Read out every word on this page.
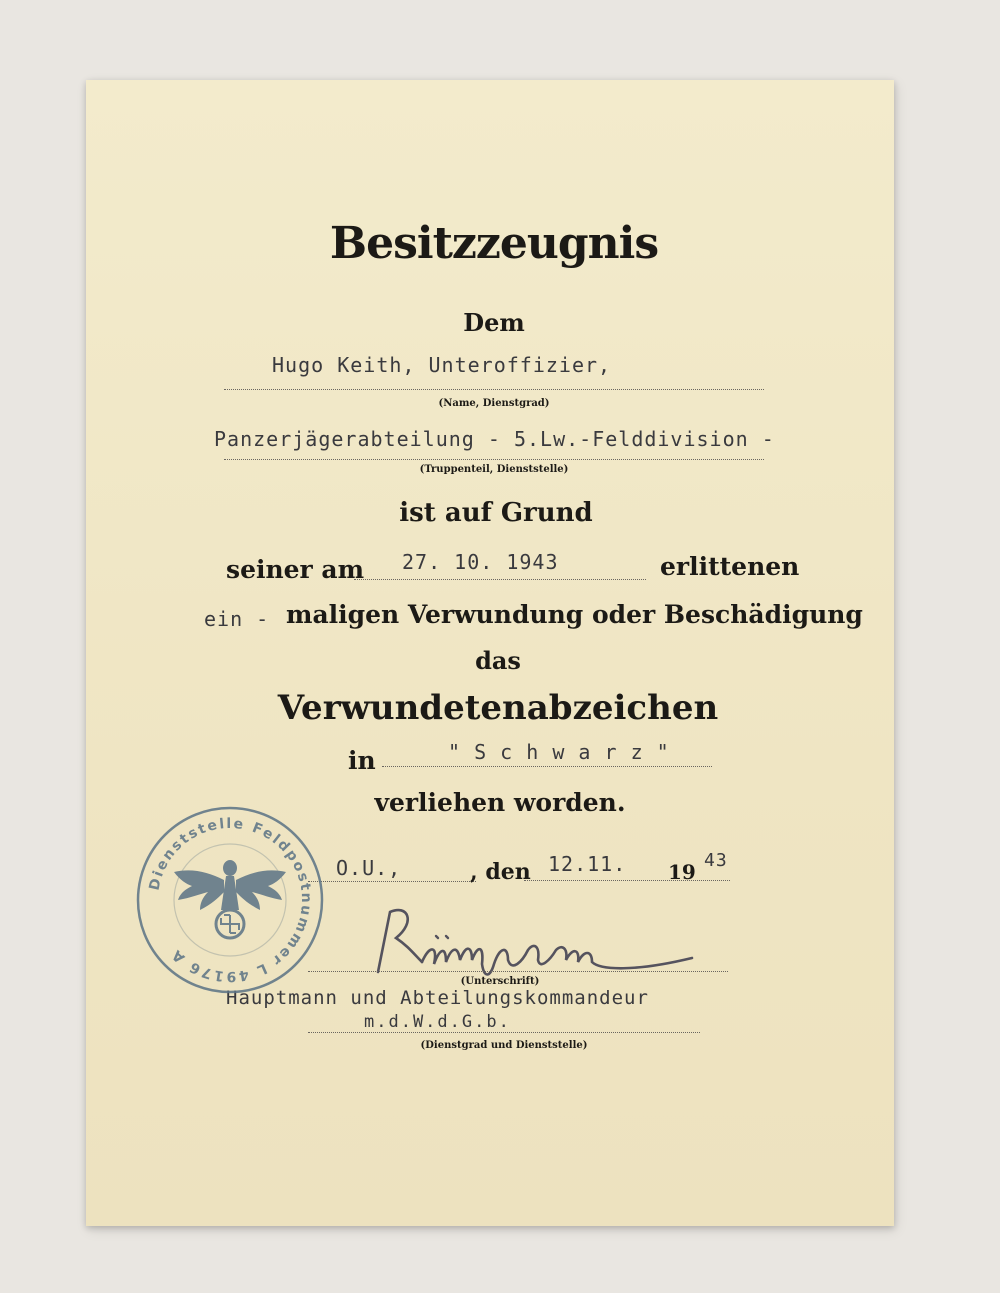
Besitzzeugnis
Dem
Hugo Keith, Unteroffizier,
(Name, Dienstgrad)
Panzerjägerabteilung - 5.Lw.-Felddivision -
(Truppenteil, Dienststelle)
ist auf Grund
seiner am 27. 10. 1943	erlittenen
ein - maligen Verwundung oder Beschädigung
das
Verwundetenabzeichen
in	" S c h w a r z "
verliehen worden.
O.U.,	, den 12.11. 19 43
(Unterschrift)
Hauptmann und Abteilungskommandeur
m.d.W.d.G.b.
(Dienstgrad und Dienststelle)
Dienststelle Feldpostnummer L 49176 A
